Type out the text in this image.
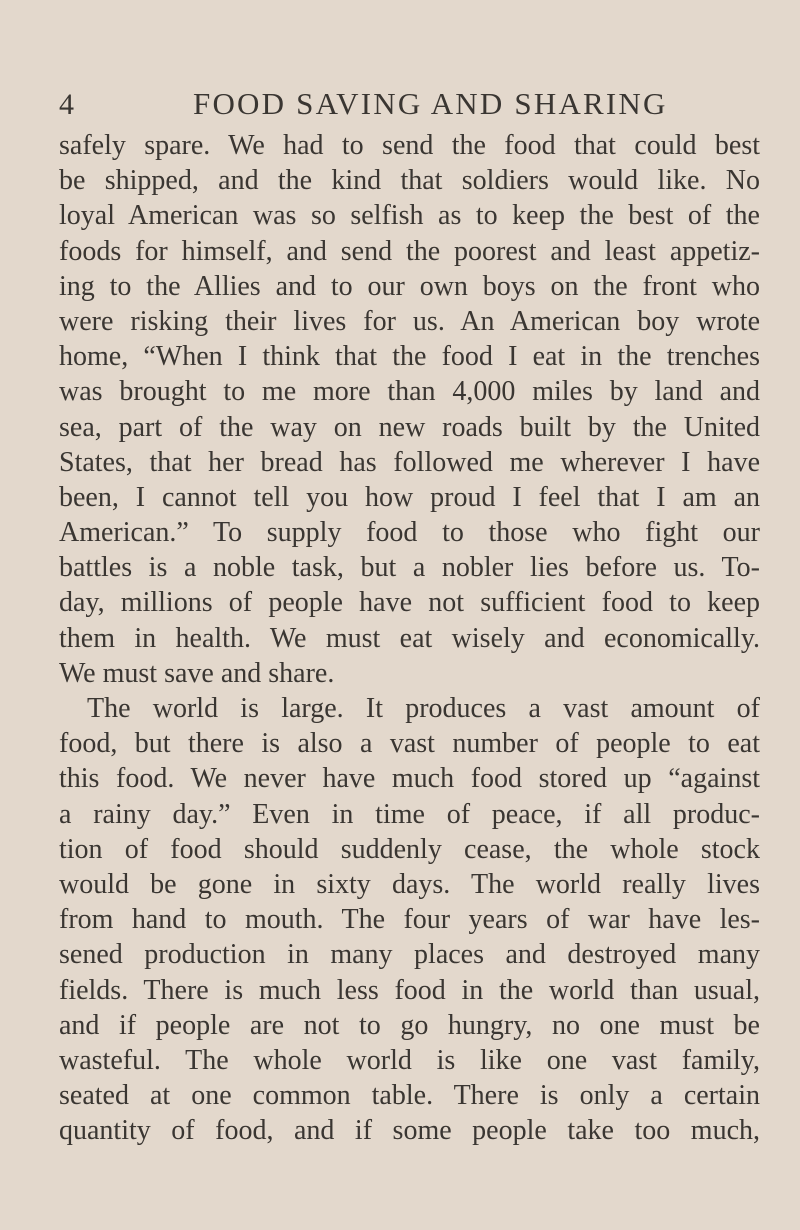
4	FOOD SAVING AND SHARING
safely spare. We had to send the food that could best
be shipped, and the kind that soldiers would like. No
loyal American was so selfish as to keep the best of the
foods for himself, and send the poorest and least appetiz-
ing to the Allies and to our own boys on the front who
were risking their lives for us. An American boy wrote
home, “When I think that the food I eat in the trenches
was brought to me more than 4,000 miles by land and
sea, part of the way on new roads built by the United
States, that her bread has followed me wherever I have
been, I cannot tell you how proud I feel that I am an
American.” To supply food to those who fight our
battles is a noble task, but a nobler lies before us. To-
day, millions of people have not sufficient food to keep
them in health. We must eat wisely and economically.
We must save and share.
The world is large. It produces a vast amount of
food, but there is also a vast number of people to eat
this food. We never have much food stored up “against
a rainy day.” Even in time of peace, if all produc-
tion of food should suddenly cease, the whole stock
would be gone in sixty days. The world really lives
from hand to mouth. The four years of war have les-
sened production in many places and destroyed many
fields. There is much less food in the world than usual,
and if people are not to go hungry, no one must be
wasteful. The whole world is like one vast family,
seated at one common table. There is only a certain
quantity of food, and if some people take too much,
